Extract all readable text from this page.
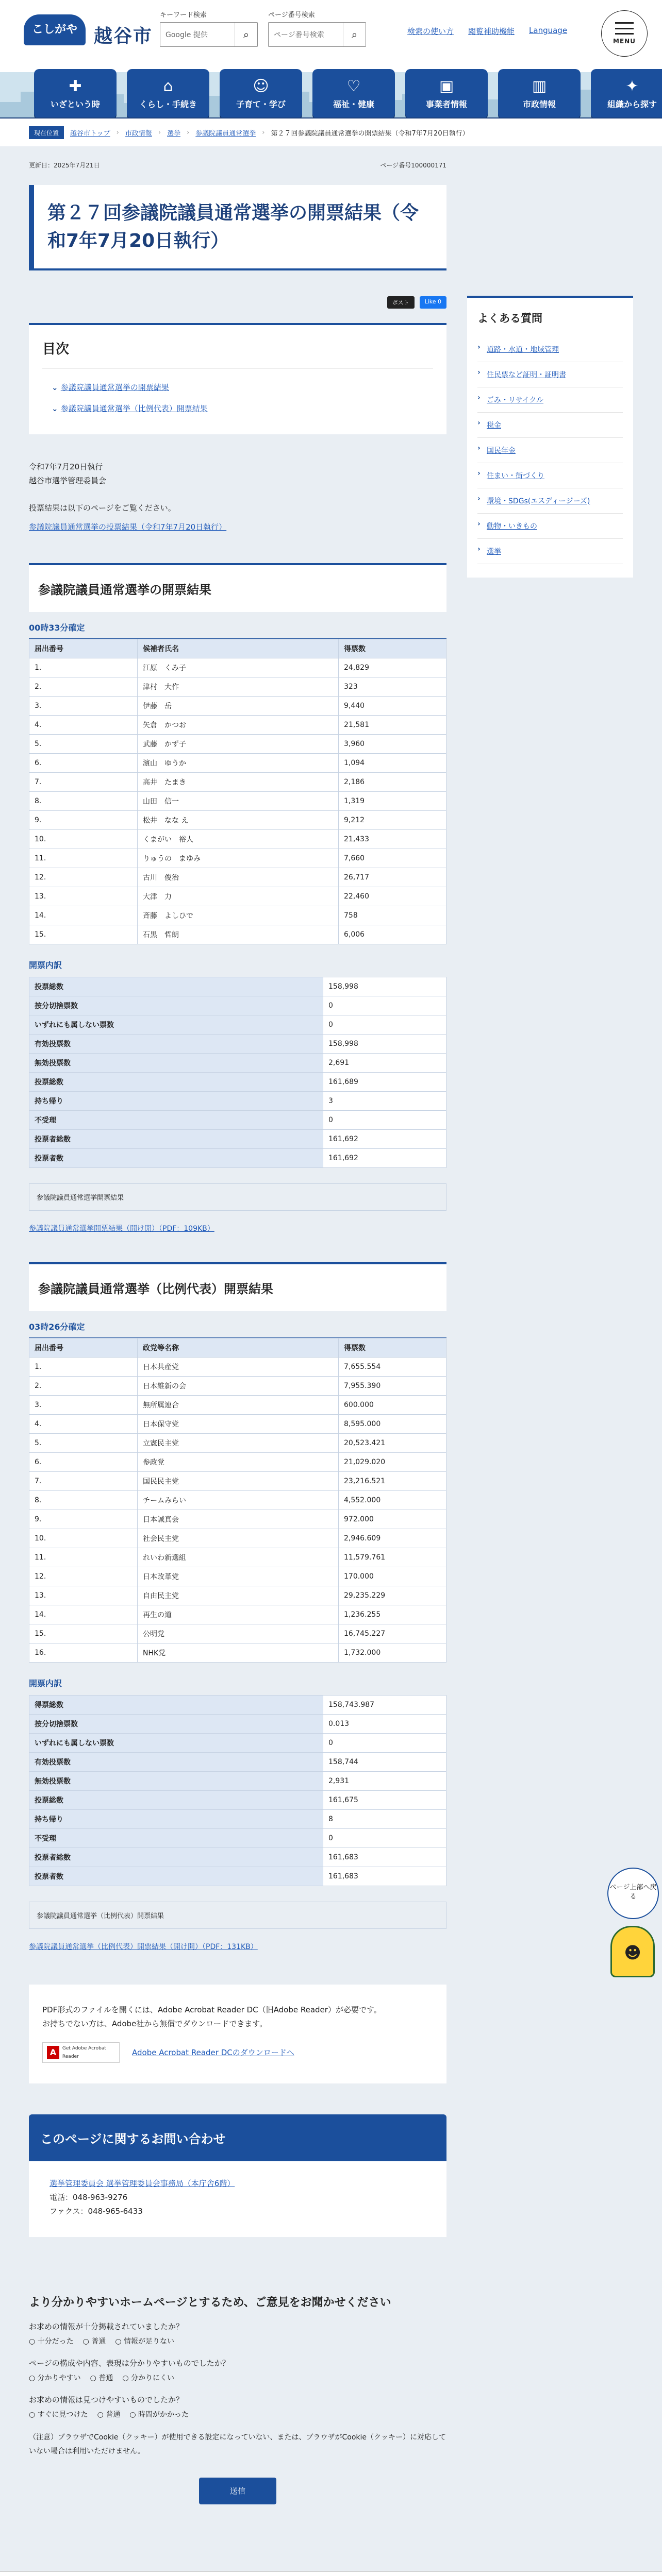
こしがや 越谷市
キーワード検索
Google 提供	⌕
ページ番号検索
ページ番号検索	⌕	検索の使い方 閲覧補助機能 Language
MENU
✚
いざという時
⌂
くらし・手続き
☺
子育て・学び
♡
福祉・健康
▣
事業者情報
▥
市政情報
✦
組織から探す
現在位置	越谷市トップ › 市政情報 › 選挙 › 参議院議員通常選挙 › 第２７回参議院議員通常選挙の開票結果（令和7年7月20日執行）
更新日：2025年7月21日	ページ番号100000171
第２７回参議院議員通常選挙の開票結果（令和7年7月20日執行）
ポスト	Like 0
目次
⌄ 参議院議員通常選挙の開票結果
⌄ 参議院議員通常選挙（比例代表）開票結果
令和7年7月20日執行
越谷市選挙管理委員会
投票結果は以下のページをご覧ください。
参議院議員通常選挙の投票結果（令和7年7月20日執行）
参議院議員通常選挙の開票結果
00時33分確定
届出番号	候補者氏名	得票数
1.	江原　くみ子	24,829
2.	津村　大作	323
3.	伊藤　岳	9,440
4.	矢倉　かつお	21,581
5.	武藤　かず子	3,960
6.	濱山　ゆうか	1,094
7.	高井　たまき	2,186
8.	山田　信一	1,319
9.	松井　なな え	9,212
10.	くまがい　裕人	21,433
11.	りゅうの　まゆみ	7,660
12.	古川　俊治	26,717
13.	大津　力	22,460
14.	斉藤　よしひで	758
15.	石黒　哲朗	6,006
開票内訳
投票総数	158,998
按分切捨票数	0
いずれにも属しない票数	0
有効投票数	158,998
無効投票数	2,691
投票総数	161,689
持ち帰り	3
不受理	0
投票者総数	161,692
投票者数	161,692
参議院議員通常選挙開票結果
参議院議員通常選挙開票結果（開け開）（PDF：109KB）
参議院議員通常選挙（比例代表）開票結果
03時26分確定
届出番号	政党等名称	得票数
1.	日本共産党	7,655.554
2.	日本維新の会	7,955.390
3.	無所属連合	600.000
4.	日本保守党	8,595.000
5.	立憲民主党	20,523.421
6.	参政党	21,029.020
7.	国民民主党	23,216.521
8.	チームみらい	4,552.000
9.	日本誠真会	972.000
10.	社会民主党	2,946.609
11.	れいわ新選組	11,579.761
12.	日本改革党	170.000
13.	自由民主党	29,235.229
14.	再生の道	1,236.255
15.	公明党	16,745.227
16.	NHK党	1,732.000
開票内訳
得票総数	158,743.987
按分切捨票数	0.013
いずれにも属しない票数	0
有効投票数	158,744
無効投票数	2,931
投票総数	161,675
持ち帰り	8
不受理	0
投票者総数	161,683
投票者数	161,683
参議院議員通常選挙（比例代表）開票結果
参議院議員通常選挙（比例代表）開票結果（開け開）（PDF：131KB）
PDF形式のファイルを開くには、Adobe Acrobat Reader DC（旧Adobe Reader）が必要です。
お持ちでない方は、Adobe社から無償でダウンロードできます。
A	Get Adobe Acrobat Reader	Adobe Acrobat Reader DCのダウンロードへ
このページに関するお問い合わせ
選挙管理委員会 選挙管理委員会事務局（本庁舎6階）
電話：048-963-9276
ファクス：048-965-6433
より分かりやすいホームページとするため、ご意見をお聞かせください
お求めの情報が十分掲載されていましたか？
○ 十分だった	○ 普通	○ 情報が足りない
ページの構成や内容、表現は分かりやすいものでしたか？
○ 分かりやすい	○ 普通	○ 分かりにくい
お求めの情報は見つけやすいものでしたか？
○ すぐに見つけた	○ 普通	○ 時間がかかった
（注意）ブラウザでCookie（クッキー）が使用できる設定になっていない、または、ブラウザがCookie（クッキー）に対応していない場合は利用いただけません。
送信
よくある質問
› 道路・水道・地域管理
› 住民票など証明・証明書
› ごみ・リサイクル
› 税金
› 国民年金
› 住まい・街づくり
› 環境・SDGs(エスディージーズ)
› 動物・いきもの
› 選挙
ページ上部へ戻る
☻
